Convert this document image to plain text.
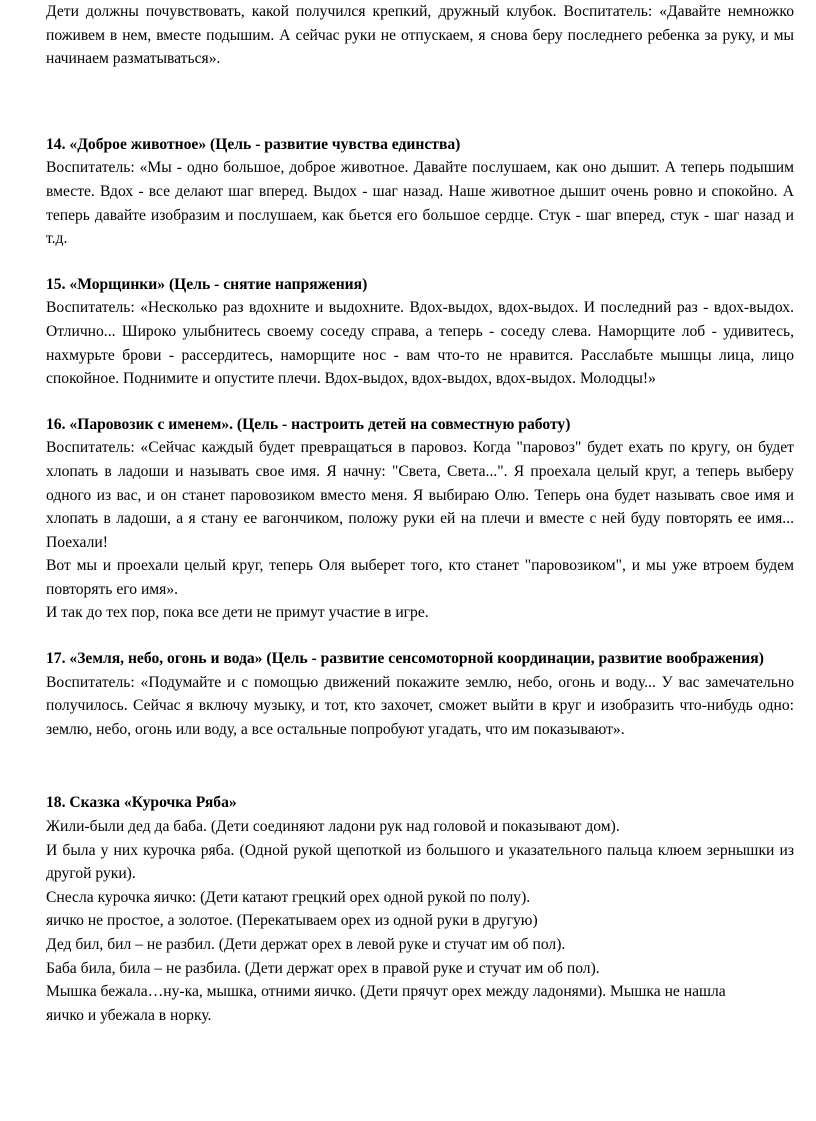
Дети должны почувствовать, какой получился крепкий, дружный клубок. Воспитатель: «Давайте немножко поживем в нем, вместе подышим. А сейчас руки не отпускаем, я снова беру последнего ребенка за руку, и мы начинаем разматываться».

14. «Доброе животное» (Цель - развитие чувства единства)

Воспитатель: «Мы - одно большое, доброе животное. Давайте послушаем, как оно дышит. А теперь подышим вместе. Вдох - все делают шаг вперед. Выдох - шаг назад. Наше животное дышит очень ровно и спокойно. А теперь давайте изобразим и послушаем, как бьется его большое сердце. Стук - шаг вперед, стук - шаг назад и т.д.

15. «Морщинки» (Цель - снятие напряжения)

Воспитатель: «Несколько раз вдохните и выдохните. Вдох-выдох, вдох-выдох. И последний раз - вдох-выдох. Отлично... Широко улыбнитесь своему соседу справа, а теперь - соседу слева. Наморщите лоб - удивитесь, нахмурьте брови - рассердитесь, наморщите нос - вам что-то не нравится. Расслабьте мышцы лица, лицо спокойное. Поднимите и опустите плечи. Вдох-выдох, вдох-выдох, вдох-выдох. Молодцы!»

16. «Паровозик с именем». (Цель - настроить детей на совместную работу)

Воспитатель: «Сейчас каждый будет превращаться в паровоз. Когда "паровоз" будет ехать по кругу, он будет хлопать в ладоши и называть свое имя. Я начну: "Света, Света...". Я проехала целый круг, а теперь выберу одного из вас, и он станет паровозиком вместо меня. Я выбираю Олю. Теперь она будет называть свое имя и хлопать в ладоши, а я стану ее вагончиком, положу руки ей на плечи и вместе с ней буду повторять ее имя... Поехали!

Вот мы и проехали целый круг, теперь Оля выберет того, кто станет "паровозиком", и мы уже втроем будем повторять его имя».

И так до тех пор, пока все дети не примут участие в игре.

17. «Земля, небо, огонь и вода» (Цель - развитие сенсомоторной координации, развитие воображения)

Воспитатель: «Подумайте и с помощью движений покажите землю, небо, огонь и воду... У вас замечательно получилось. Сейчас я включу музыку, и тот, кто захочет, сможет выйти в круг и изобразить что-нибудь одно: землю, небо, огонь или воду, а все остальные попробуют угадать, что им показывают».

18. Сказка «Курочка Ряба»

Жили-были дед да баба. (Дети соединяют ладони рук над головой и показывают дом).

И была у них курочка ряба. (Одной рукой щепоткой из большого и указательного пальца клюем зернышки из другой руки).

Снесла курочка яичко: (Дети катают грецкий орех одной рукой по полу).

яичко не простое, а золотое. (Перекатываем орех из одной руки в другую)

Дед бил, бил – не разбил. (Дети держат орех в левой руке и стучат им об пол).

Баба била, била – не разбила. (Дети держат орех в правой руке и стучат им об пол).

Мышка бежала…ну-ка, мышка, отними яичко. (Дети прячут орех между ладонями). Мышка не нашла яичко и убежала в норку.
